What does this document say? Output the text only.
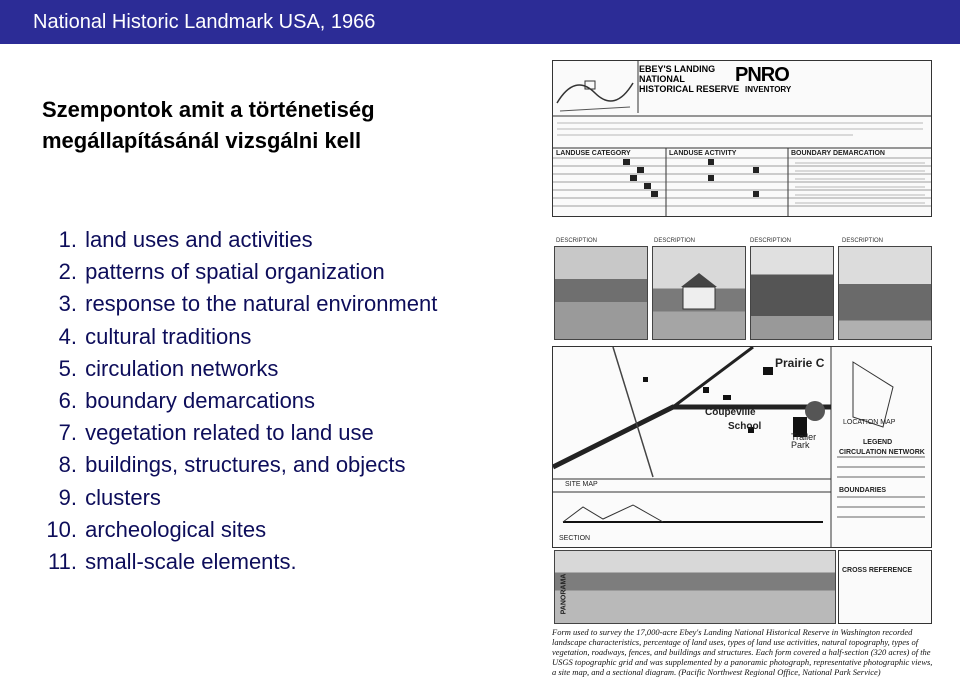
National Historic Landmark USA, 1966
Szempontok amit a történetiség
megállapításánál vizsgálni kell
1. land uses and activities
2. patterns of spatial organization
3. response to the natural environment
4. cultural traditions
5. circulation networks
6. boundary demarcations
7. vegetation related to land use
8. buildings, structures, and objects
9. clusters
10. archeological sites
11. small-scale elements.
EBEY'S LANDING
NATIONAL
HISTORICAL RESERVE
PNRO
INVENTORY
LANDUSE CATEGORY	LANDUSE ACTIVITY	BOUNDARY DEMARCATION
DESCRIPTION	DESCRIPTION	DESCRIPTION	DESCRIPTION
Prairie C
Coupeville
School
Trailer Park
LOCATION MAP
LEGEND
CIRCULATION NETWORK
SITE MAP
SECTION
BOUNDARIES
PANORAMA
CROSS REFERENCE
Form used to survey the 17,000-acre Ebey's Landing National Historical Reserve in Washington recorded landscape characteristics, percentage of land uses, types of land use activities, natural topography, types of vegetation, roadways, fences, and buildings and structures. Each form covered a half-section (320 acres) of the USGS topographic grid and was supplemented by a panoramic photograph, representative photographic views, a site map, and a sectional diagram. (Pacific Northwest Regional Office, National Park Service)
